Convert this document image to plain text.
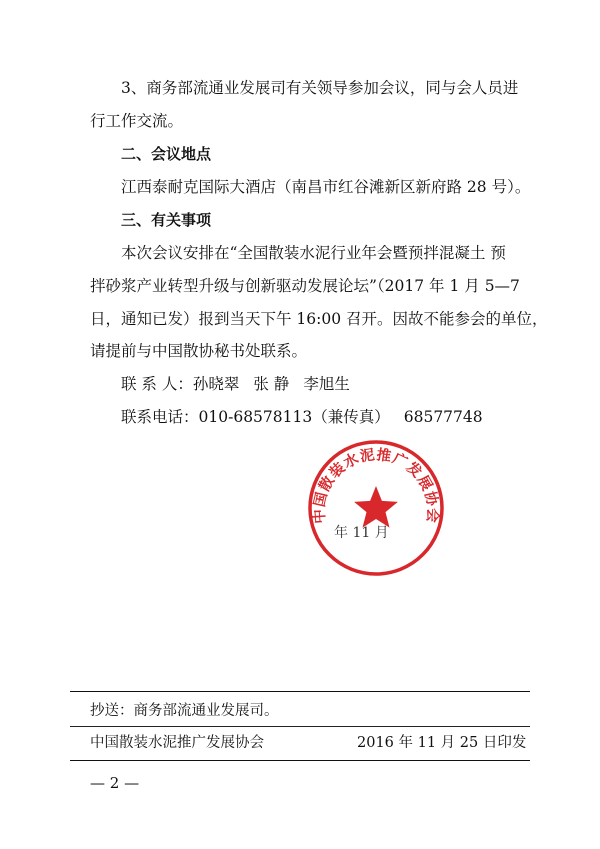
3、商务部流通业发展司有关领导参加会议，同与会人员进
行工作交流。
二、会议地点
江西泰耐克国际大酒店（南昌市红谷滩新区新府路 28 号）。
三、有关事项
本次会议安排在“全国散装水泥行业年会暨预拌混凝土 预
拌砂浆产业转型升级与创新驱动发展论坛”（2017 年 1 月 5—7
日，通知已发）报到当天下午 16:00 召开。因故不能参会的单位，
请提前与中国散协秘书处联系。
联 系 人：孙晓翠 张 静 李旭生
联系电话：010-68578113（兼传真） 68577748
中国散装水泥推广发展协会
年 11 月
抄送：商务部流通业发展司。
中国散装水泥推广发展协会	2016 年 11 月 25 日印发
— 2 —
